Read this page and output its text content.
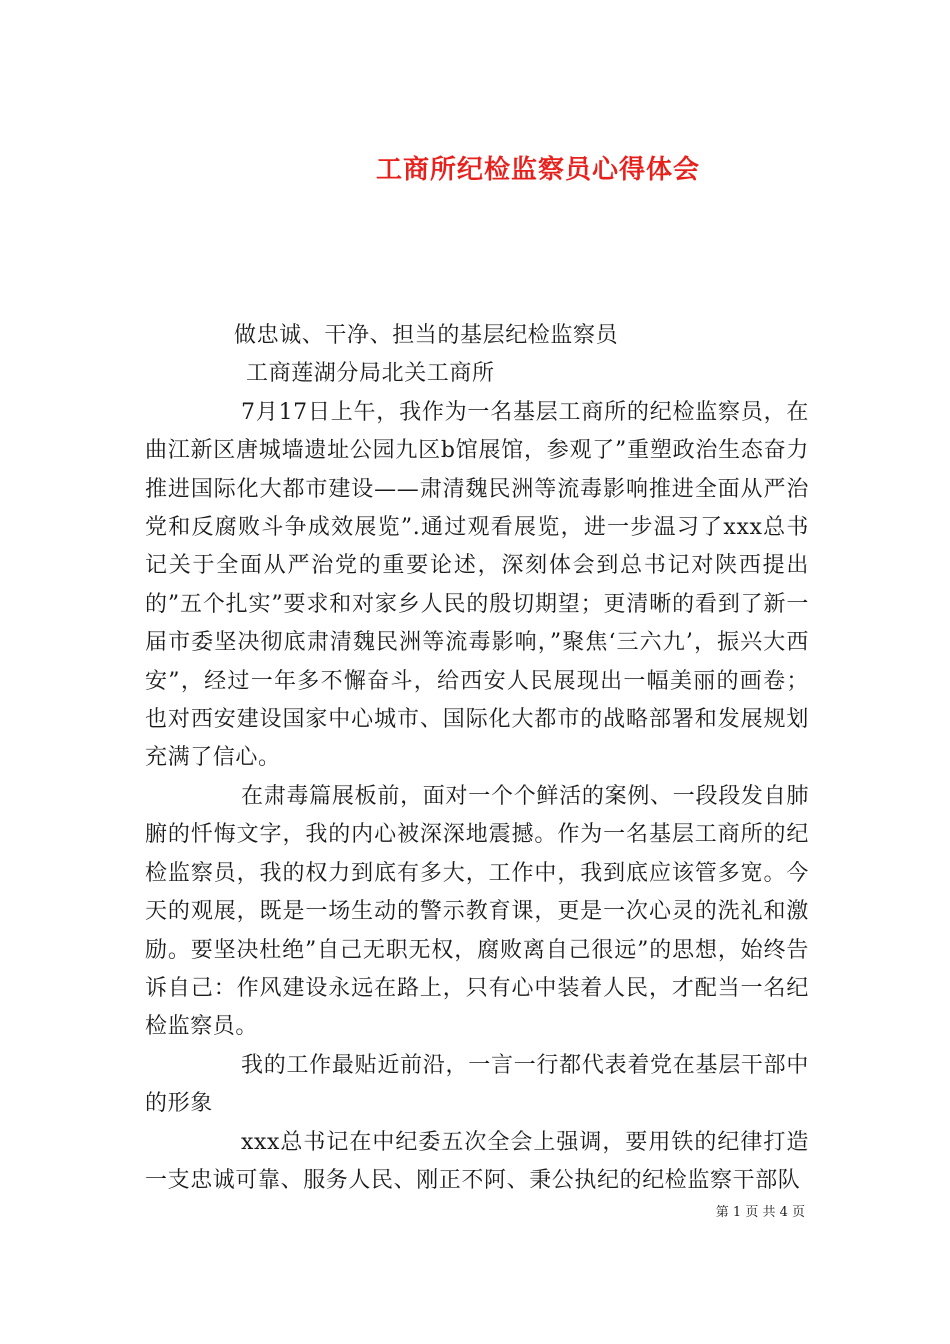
工商所纪检监察员心得体会

做忠诚、干净、担当的基层纪检监察员

工商莲湖分局北关工商所

7月17日上午，我作为一名基层工商所的纪检监察员，在曲江新区唐城墙遗址公园九区b馆展馆，参观了”重塑政治生态奋力推进国际化大都市建设——肃清魏民洲等流毒影响推进全面从严治党和反腐败斗争成效展览”.通过观看展览，进一步温习了xxx总书记关于全面从严治党的重要论述，深刻体会到总书记对陕西提出的”五个扎实”要求和对家乡人民的殷切期望；更清晰的看到了新一届市委坚决彻底肃清魏民洲等流毒影响，”聚焦‘三六九’，振兴大西安”，经过一年多不懈奋斗，给西安人民展现出一幅美丽的画卷；也对西安建设国家中心城市、国际化大都市的战略部署和发展规划充满了信心。

在肃毒篇展板前，面对一个个鲜活的案例、一段段发自肺腑的忏悔文字，我的内心被深深地震撼。作为一名基层工商所的纪检监察员，我的权力到底有多大，工作中，我到底应该管多宽。今天的观展，既是一场生动的警示教育课，更是一次心灵的洗礼和激励。要坚决杜绝”自己无职无权，腐败离自己很远”的思想，始终告诉自己：作风建设永远在路上，只有心中装着人民，才配当一名纪检监察员。

我的工作最贴近前沿，一言一行都代表着党在基层干部中的形象

xxx总书记在中纪委五次全会上强调，要用铁的纪律打造一支忠诚可靠、服务人民、刚正不阿、秉公执纪的纪检监察干部队

第 1 页 共 4 页
